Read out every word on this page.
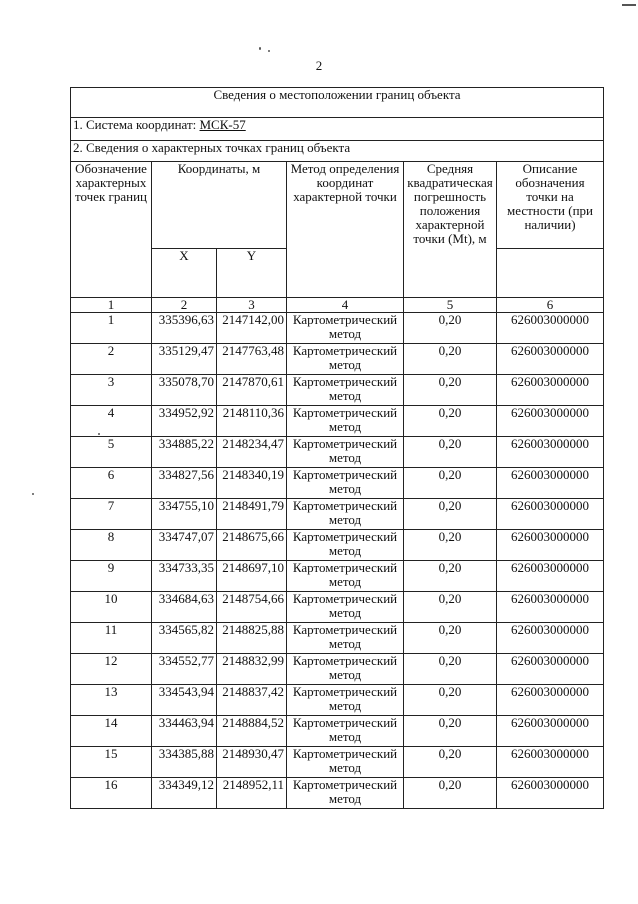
2
Сведения о местоположении границ объекта					
1. Система координат: МСК-57					
2. Сведения о характерных точках границ объекта					
Обозначение характерных точек границ	Координаты, м		Метод определения координат характерной точки	Средняя квадратическая погрешность положения характерной точки (Mt), м	Описание обозначения точки на местности (при наличии)
	X	Y			
1	2	3	4	5	6
1	335396,63	2147142,00	Картометрический метод	0,20	626003000000
2	335129,47	2147763,48	Картометрический метод	0,20	626003000000
3	335078,70	2147870,61	Картометрический метод	0,20	626003000000
4	334952,92	2148110,36	Картометрический метод	0,20	626003000000
5	334885,22	2148234,47	Картометрический метод	0,20	626003000000
6	334827,56	2148340,19	Картометрический метод	0,20	626003000000
7	334755,10	2148491,79	Картометрический метод	0,20	626003000000
8	334747,07	2148675,66	Картометрический метод	0,20	626003000000
9	334733,35	2148697,10	Картометрический метод	0,20	626003000000
10	334684,63	2148754,66	Картометрический метод	0,20	626003000000
11	334565,82	2148825,88	Картометрический метод	0,20	626003000000
12	334552,77	2148832,99	Картометрический метод	0,20	626003000000
13	334543,94	2148837,42	Картометрический метод	0,20	626003000000
14	334463,94	2148884,52	Картометрический метод	0,20	626003000000
15	334385,88	2148930,47	Картометрический метод	0,20	626003000000
16	334349,12	2148952,11	Картометрический метод	0,20	626003000000
